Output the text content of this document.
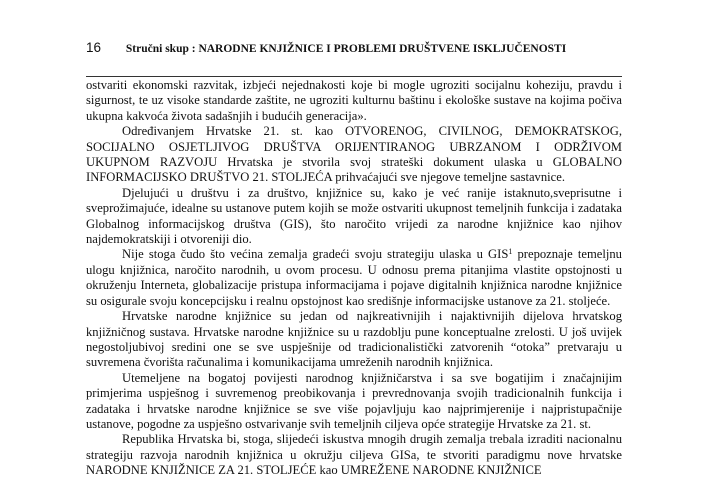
16 Stručni skup : NARODNE KNJIŽNICE I PROBLEMI DRUŠTVENE ISKLJUČENOSTI

ostvariti ekonomski razvitak, izbjeći nejednakosti koje bi mogle ugroziti socijalnu koheziju, pravdu i sigurnost, te uz visoke standarde zaštite, ne ugroziti kulturnu baštinu i ekološke sustave na kojima počiva ukupna kakvoća života sadašnjih i budućih generacija».

Određivanjem Hrvatske 21. st. kao OTVORENOG, CIVILNOG, DEMOKRATSKOG, SOCIJALNO OSJETLJIVOG DRUŠTVA ORIJENTIRANOG UBRZANOM I ODRŽIVOM UKUPNOM RAZVOJU Hrvatska je stvorila svoj strateški dokument ulaska u GLOBALNO INFORMACIJSKO DRUŠTVO 21. STOLJEĆA prihvaćajući sve njegove temeljne sastavnice.

Djelujući u društvu i za društvo, knjižnice su, kako je već ranije istaknuto,sveprisutne i sveprožimajuće, idealne su ustanove putem kojih se može ostvariti ukupnost temeljnih funkcija i zadataka Globalnog informacijskog društva (GIS), što naročito vrijedi za narodne knjižnice kao njihov najdemokratskiji i otvoreniji dio.

Nije stoga čudo što većina zemalja gradeći svoju strategiju ulaska u GIS$^1$ prepoznaje temeljnu ulogu knjižnica, naročito narodnih, u ovom procesu. U odnosu prema pitanjima vlastite opstojnosti u okruženju Interneta, globalizacije pristupa informacijama i pojave digitalnih knjižnica narodne knjižnice su osigurale svoju koncepcijsku i realnu opstojnost kao središnje informacijske ustanove za 21. stoljeće.

Hrvatske narodne knjižnice su jedan od najkreativnijih i najaktivnijih dijelova hrvatskog knjižničnog sustava. Hrvatske narodne knjižnice su u razdoblju pune konceptualne zrelosti. U još uvijek negostoljubivoj sredini one se sve uspješnije od tradicionalistički zatvorenih “otoka” pretvaraju u suvremena čvorišta računalima i komunikacijama umreženih narodnih knjižnica.

Utemeljene na bogatoj povijesti narodnog knjižničarstva i sa sve bogatijim i značajnijim primjerima uspješnog i suvremenog preobikovanja i prevrednovanja svojih tradicionalnih funkcija i zadataka i hrvatske narodne knjižnice se sve više pojavljuju kao najprimjerenije i najpristupačnije ustanove, pogodne za uspješno ostvarivanje svih temeljnih ciljeva opće strategije Hrvatske za 21. st.

Republika Hrvatska bi, stoga, slijedeći iskustva mnogih drugih zemalja trebala izraditi nacionalnu strategiju razvoja narodnih knjižnica u okružju ciljeva GISa, te stvoriti paradigmu nove hrvatske NARODNE KNJIŽNICE ZA 21. STOLJEĆE kao UMREŽENE NARODNE KNJIŽNICE
